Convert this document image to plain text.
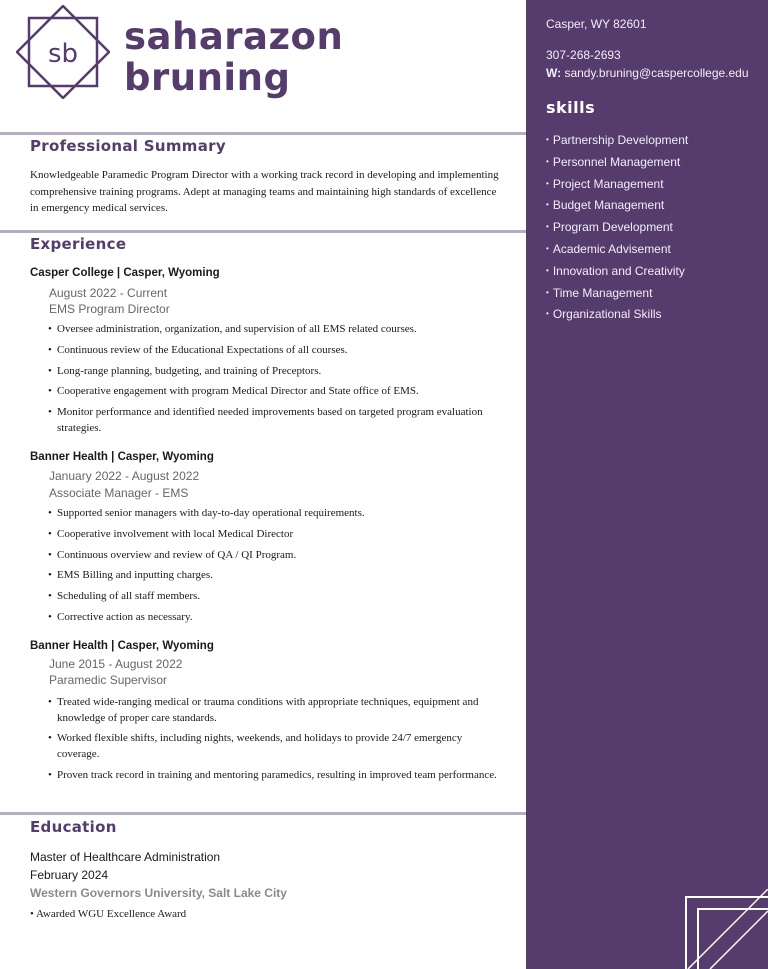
Casper, WY 82601
307-268-2693
W: sandy.bruning@caspercollege.edu
skills
• Partnership Development
• Personnel Management
• Project Management
• Budget Management
• Program Development
• Academic Advisement
• Innovation and Creativity
• Time Management
• Organizational Skills
sb saharazon
bruning
Professional Summary
Knowledgeable Paramedic Program Director with a working track record in developing and implementing comprehensive training programs. Adept at managing teams and maintaining high standards of excellence in emergency medical services.
Experience
Casper College | Casper, Wyoming
August 2022 - Current
EMS Program Director
• Oversee administration, organization, and supervision of all EMS related courses.
• Continuous review of the Educational Expectations of all courses.
• Long-range planning, budgeting, and training of Preceptors.
• Cooperative engagement with program Medical Director and State office of EMS.
• Monitor performance and identified needed improvements based on targeted program evaluation strategies.
Banner Health | Casper, Wyoming
January 2022 - August 2022
Associate Manager - EMS
• Supported senior managers with day-to-day operational requirements.
• Cooperative involvement with local Medical Director
• Continuous overview and review of QA / QI Program.
• EMS Billing and inputting charges.
• Scheduling of all staff members.
• Corrective action as necessary.
Banner Health | Casper, Wyoming
June 2015 - August 2022
Paramedic Supervisor
• Treated wide-ranging medical or trauma conditions with appropriate techniques, equipment and knowledge of proper care standards.
• Worked flexible shifts, including nights, weekends, and holidays to provide 24/7 emergency coverage.
• Proven track record in training and mentoring paramedics, resulting in improved team performance.
Education
Master of Healthcare Administration
February 2024
Western Governors University, Salt Lake City
• Awarded WGU Excellence Award
